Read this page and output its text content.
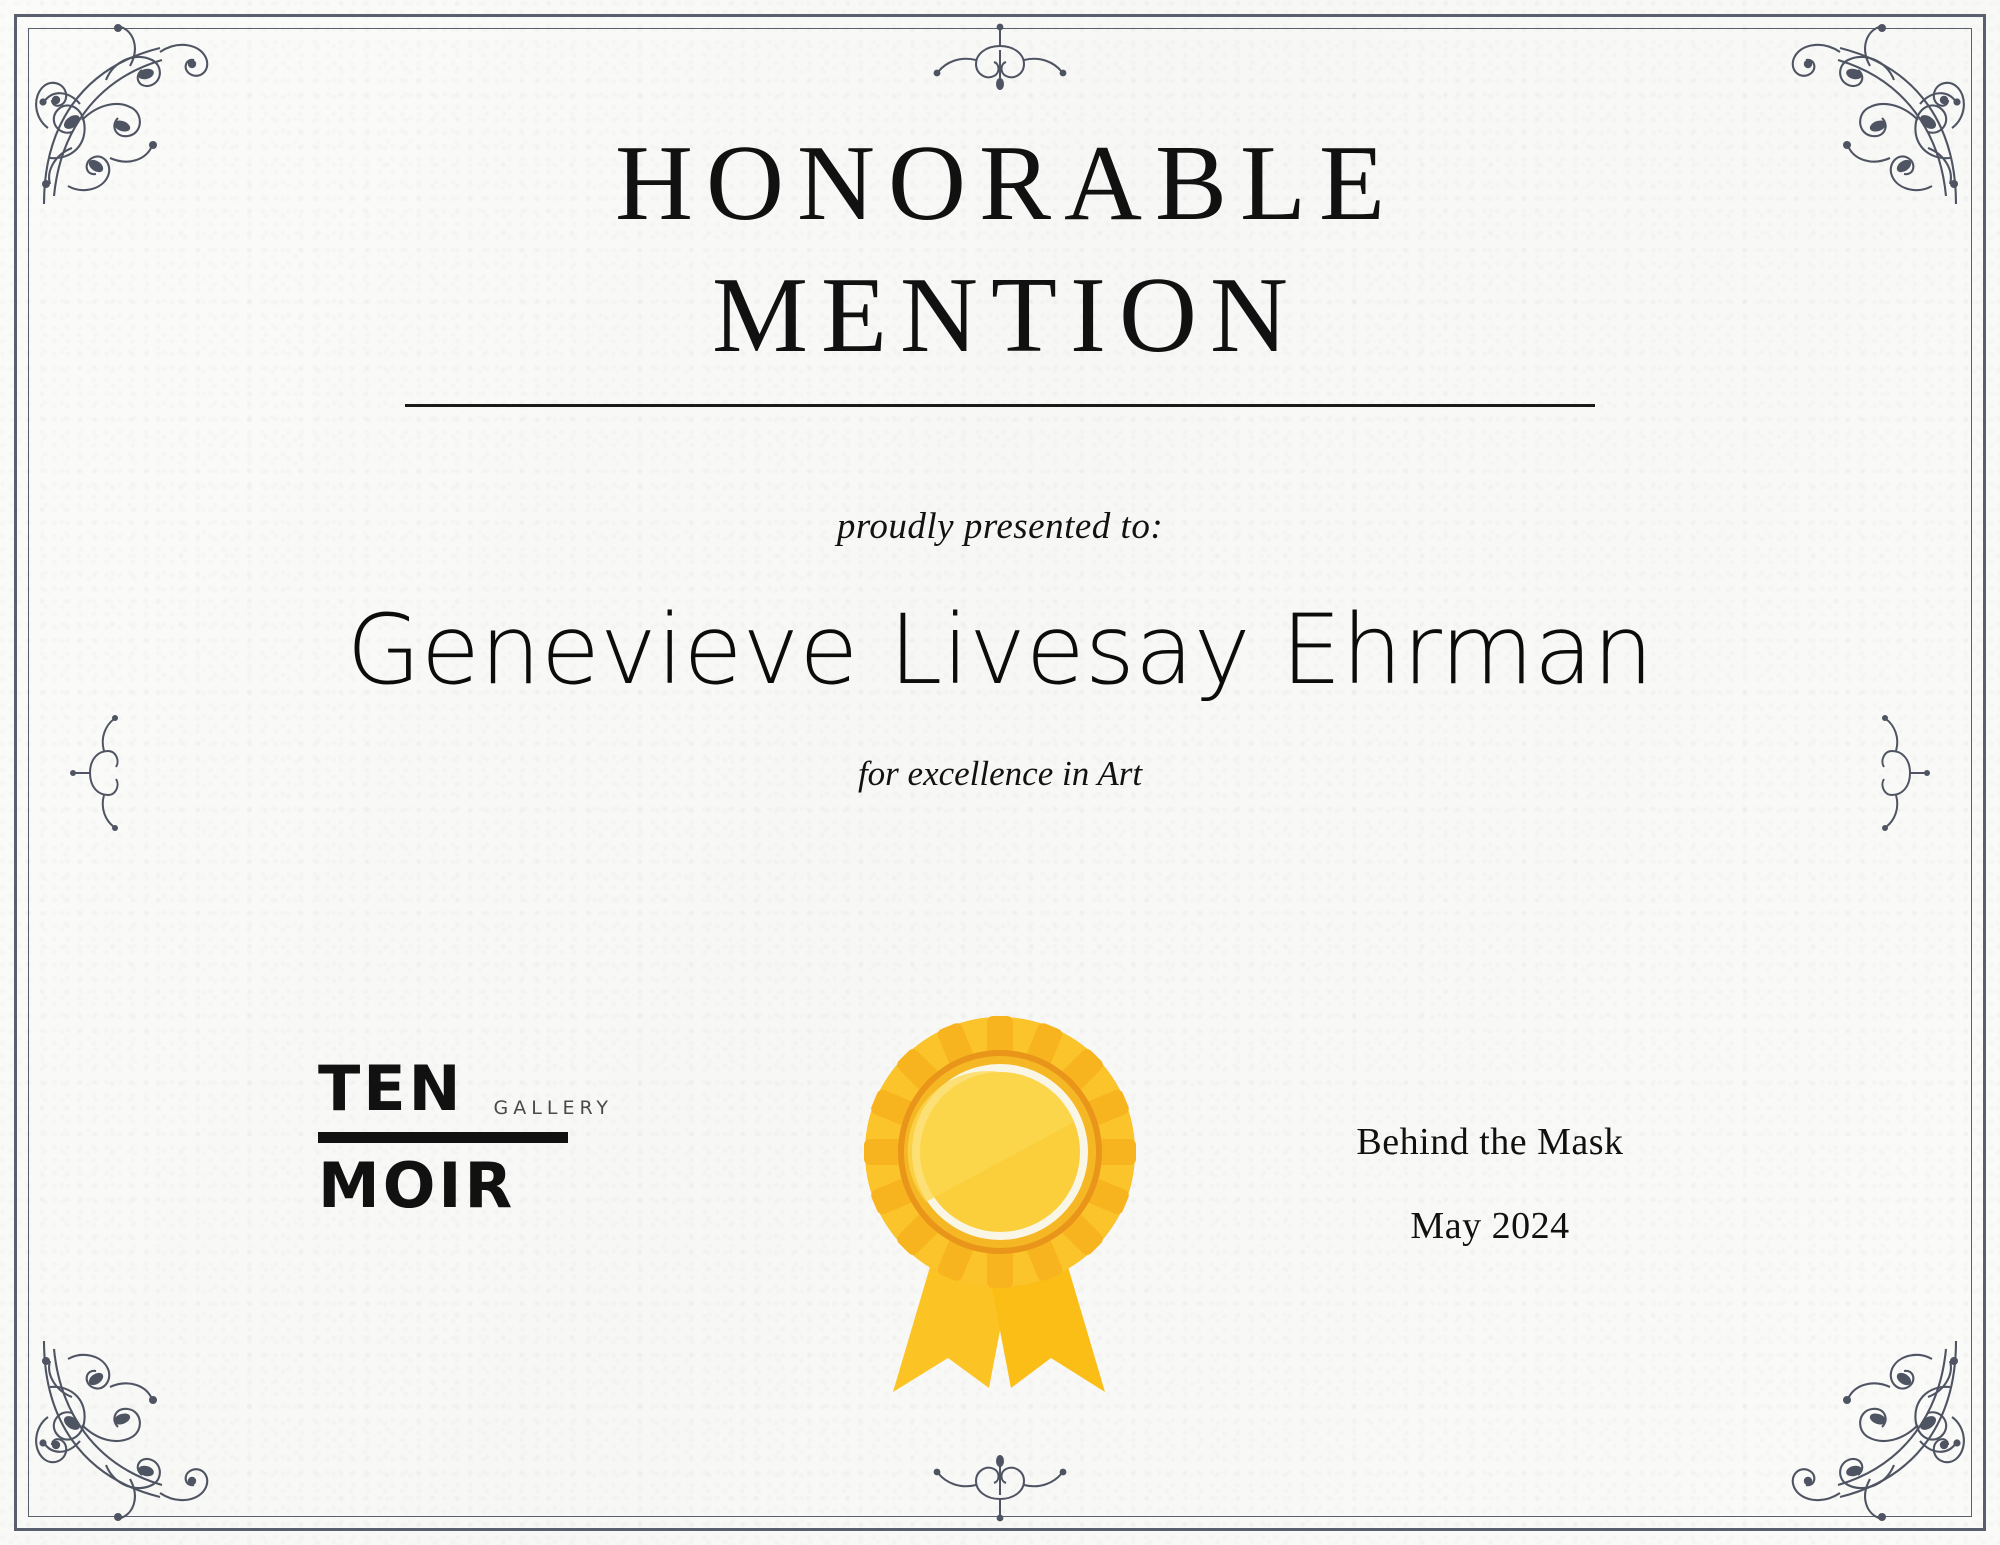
HONORABLE
MENTION
proudly presented to:
Genevieve Livesay Ehrman
for excellence in Art
TEN GALLERY
MOIR
Behind the Mask
May 2024
